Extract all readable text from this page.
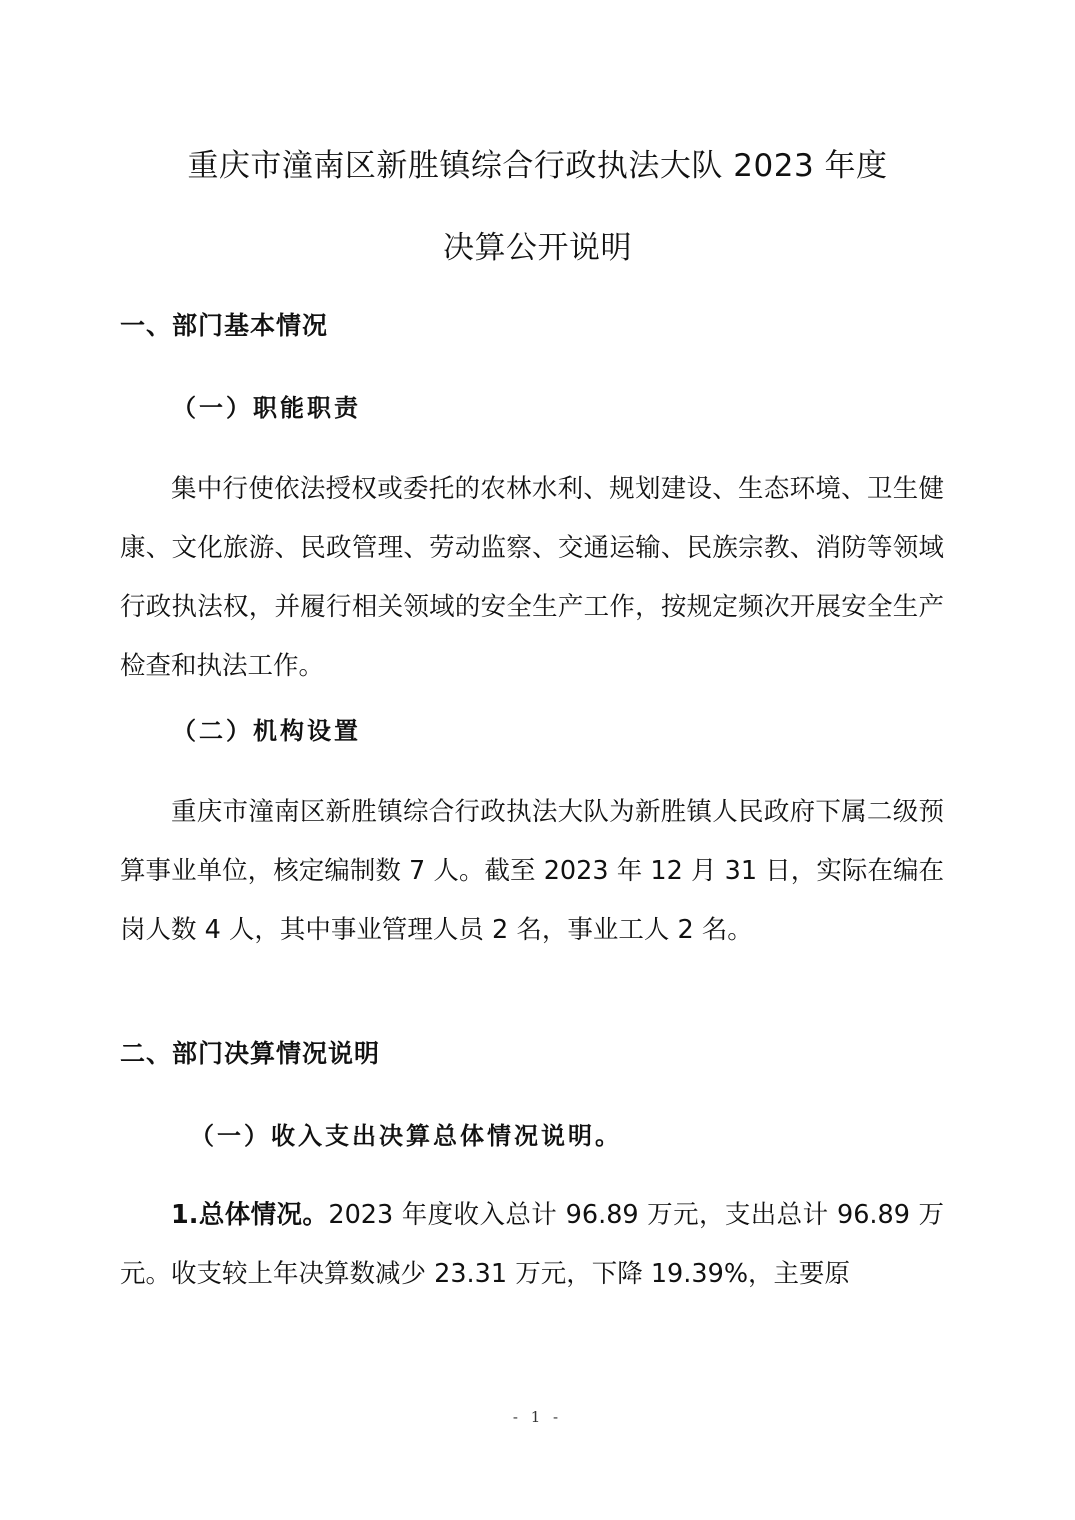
重庆市潼南区新胜镇综合行政执法大队 2023 年度
决算公开说明
一、部门基本情况
（一）职能职责

集中行使依法授权或委托的农林水利、规划建设、生态环境、卫生健康、文化旅游、民政管理、劳动监察、交通运输、民族宗教、消防等领域行政执法权，并履行相关领域的安全生产工作，按规定频次开展安全生产检查和执法工作。

（二）机构设置

重庆市潼南区新胜镇综合行政执法大队为新胜镇人民政府下属二级预算事业单位，核定编制数 7 人。截至 2023 年 12 月 31 日，实际在编在岗人数 4 人，其中事业管理人员 2 名，事业工人 2 名。

二、部门决算情况说明
（一）收入支出决算总体情况说明。

1.总体情况。2023 年度收入总计 96.89 万元，支出总计 96.89 万元。收支较上年决算数减少 23.31 万元，下降 19.39%，主要原

- 1 -
